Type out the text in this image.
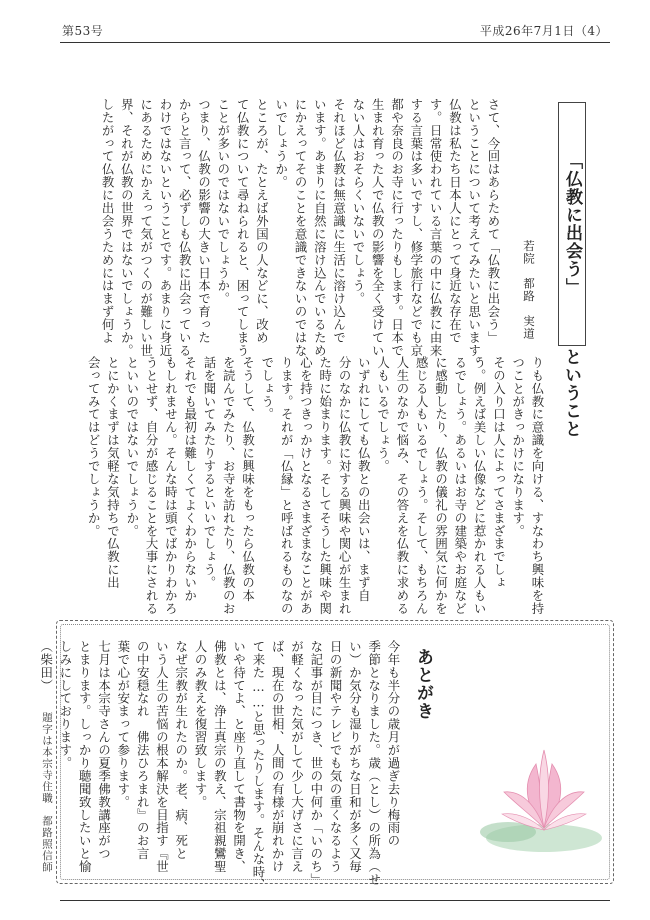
第53号	平成26年7月1日（4）
「仏教に出会う」
ということ
若院　都路　実道
さて、今回はあらためて「仏教に出会う」
ということについて考えてみたいと思います。
仏教は私たち日本人にとって身近な存在で
す。日常使われている言葉の中に仏教に由来
する言葉は多いですし、修学旅行などでも京
都や奈良のお寺に行ったりもします。日本で
生まれ育った人で仏教の影響を全く受けてい
ない人はおそらくいないでしょう。
それほど仏教は無意識に生活に溶け込んで
います。あまりに自然に溶け込んでいるため
にかえってそのことを意識できないのではな
いでしょうか。
ところが、たとえば外国の人などに、改め
て仏教について尋ねられると、困ってしまう
ことが多いのではないでしょうか。
つまり、仏教の影響の大きい日本で育った
からと言って、必ずしも仏教に出会っている
わけではないということです。あまりに身近
にあるためにかえって気がつくのが難しい世
界、それが仏教の世界ではないでしょうか。
したがって仏教に出会うためにはまず何よ
りも仏教に意識を向ける、すなわち興味を持
つことがきっかけになります。
その入り口は人によってさまざまでしょ
う。例えば美しい仏像などに惹かれる人もい
るでしょう。あるいはお寺の建築やお庭など
に感動したり、仏教の儀礼の雰囲気に何かを
感じる人もいるでしょう。そして、もちろん
人生のなかで悩み、その答えを仏教に求める
人もいるでしょう。
いずれにしても仏教との出会いは、まず自
分のなかに仏教に対する興味や関心が生まれ
た時に始まります。そしてそうした興味や関
心を持つきっかけとなるさまざまなことがあ
ります。それが「仏縁」と呼ばれるものなの
でしょう。
そうして、仏教に興味をもったら仏教の本
を読んでみたり、お寺を訪れたり、仏教のお
話を聞いてみたりするといいでしょう。
それでも最初は難しくてよくわからないか
もしれません。そんな時は頭でばかりわかろ
うとせず、自分が感じることを大事にされる
といいのではないでしょうか。
とにかくまずは気軽な気持ちで仏教に出
会ってみてはどうでしょうか。
あとがき
今年も半分の歳月が過ぎ去り梅雨の
季節となりました。歳（とし）の所為（せ
い）か気分も湿りがちな日和が多く又毎
日の新聞やテレビでも気の重くなるよう
な記事が目につき、世の中何か「いのち」
が軽くなった気がして少し大げさに言え
ば、現在の世相、人間の有様が崩れかけ
て来た……と思ったりします。そんな時、
いや待てよ、と座り直して書物を開き、
佛教とは、浄土真宗の教え、宗祖親鸞聖
人のみ教えを復習致します。
なぜ宗教が生れたのか。老、病、死と
いう人生の苦悩の根本解決を目指す『世
の中安穏なれ　佛法ひろまれ』のお言
葉で心が安まって参ります。
七月は本宗寺さんの夏季佛教講座がつ
とまります。しっかり聴聞致したいと愉
しみにしております。
（柴田）
題字は本宗寺住職　都路照信師
